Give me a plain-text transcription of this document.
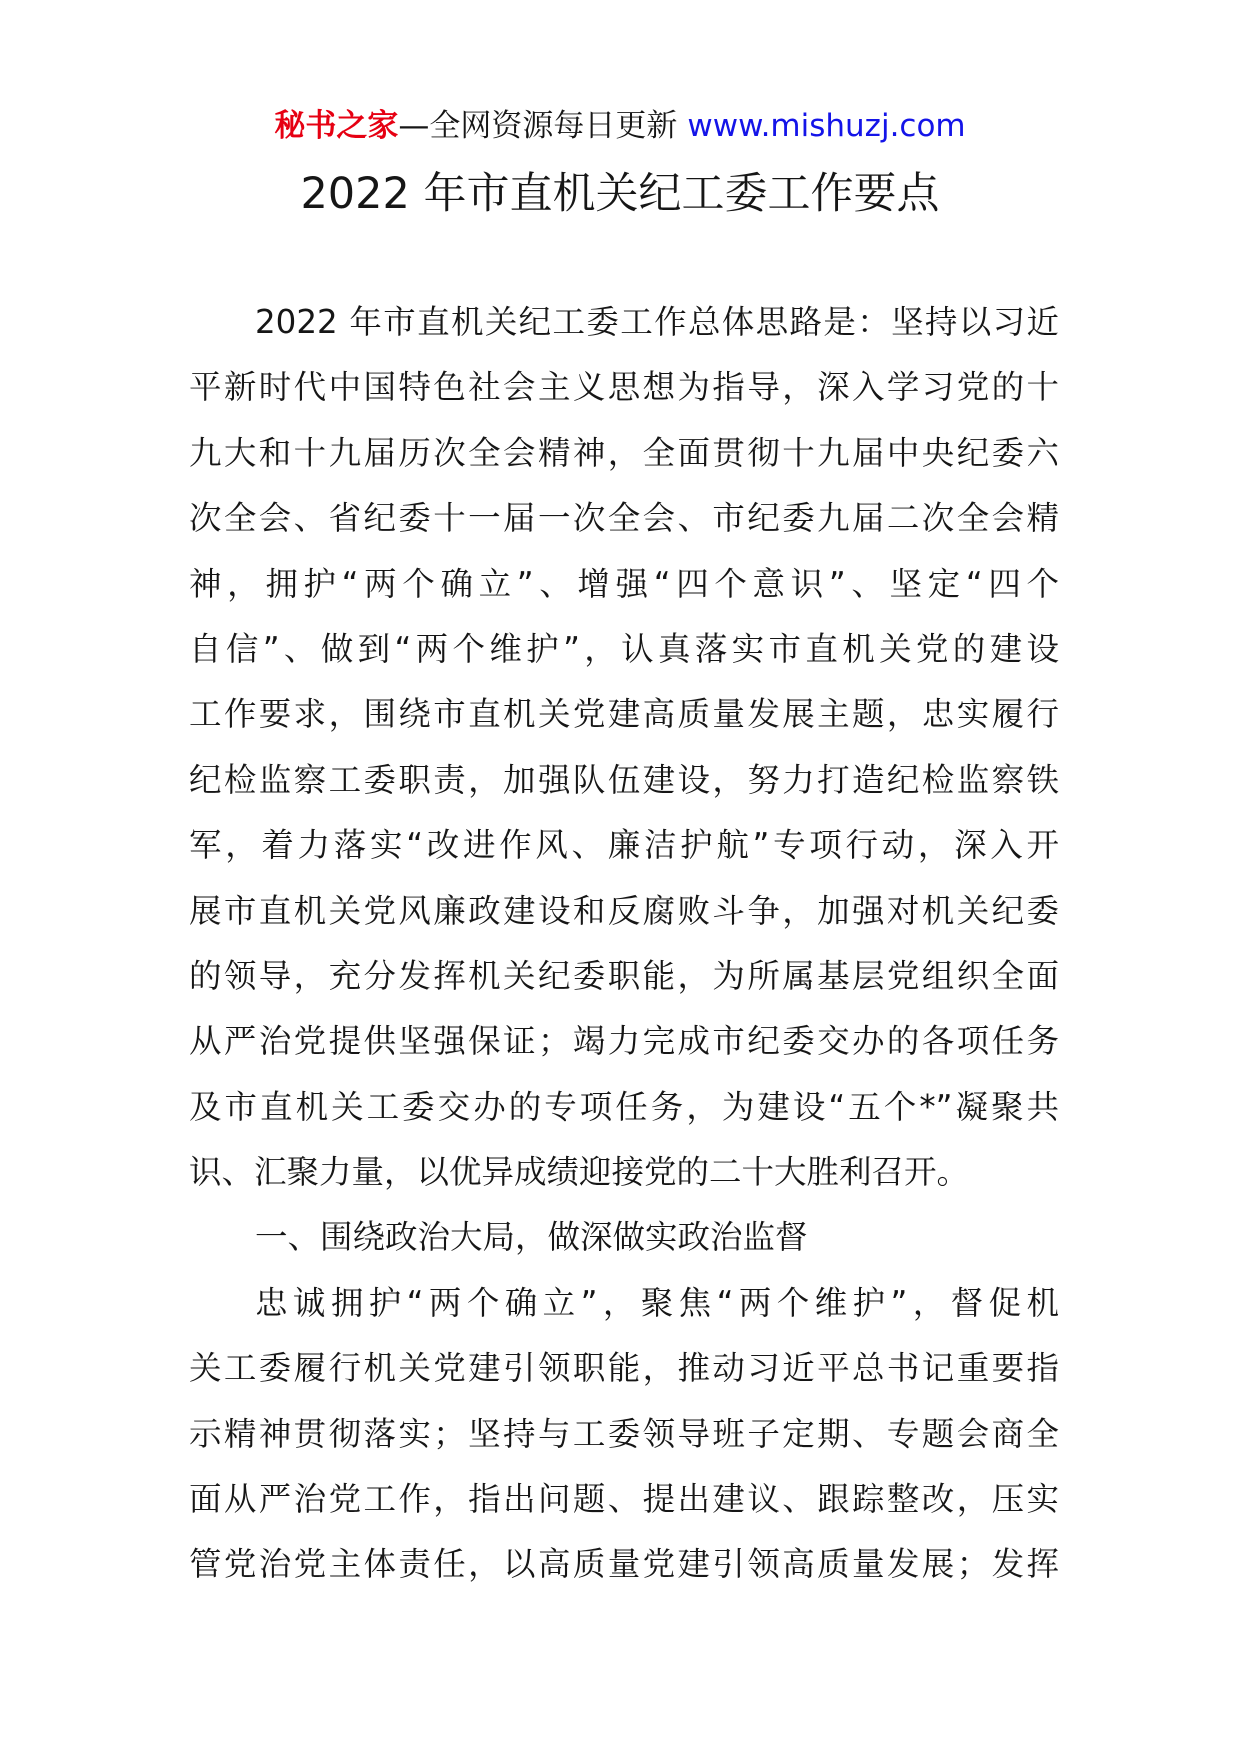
秘书之家—全网资源每日更新 www.mishuzj.com
2022 年市直机关纪工委工作要点
2022 年市直机关纪工委工作总体思路是：坚持以习近
平新时代中国特色社会主义思想为指导，深入学习党的十
九大和十九届历次全会精神，全面贯彻十九届中央纪委六
次全会、省纪委十一届一次全会、市纪委九届二次全会精
神，拥护“两个确立”、增强“四个意识”、坚定“四个
自信”、做到“两个维护”，认真落实市直机关党的建设
工作要求，围绕市直机关党建高质量发展主题，忠实履行
纪检监察工委职责，加强队伍建设，努力打造纪检监察铁
军，着力落实“改进作风、廉洁护航”专项行动，深入开
展市直机关党风廉政建设和反腐败斗争，加强对机关纪委
的领导，充分发挥机关纪委职能，为所属基层党组织全面
从严治党提供坚强保证；竭力完成市纪委交办的各项任务
及市直机关工委交办的专项任务，为建设“五个*”凝聚共
识、汇聚力量，以优异成绩迎接党的二十大胜利召开。
一、围绕政治大局，做深做实政治监督
忠诚拥护“两个确立”，聚焦“两个维护”，督促机
关工委履行机关党建引领职能，推动习近平总书记重要指
示精神贯彻落实；坚持与工委领导班子定期、专题会商全
面从严治党工作，指出问题、提出建议、跟踪整改，压实
管党治党主体责任，以高质量党建引领高质量发展；发挥
